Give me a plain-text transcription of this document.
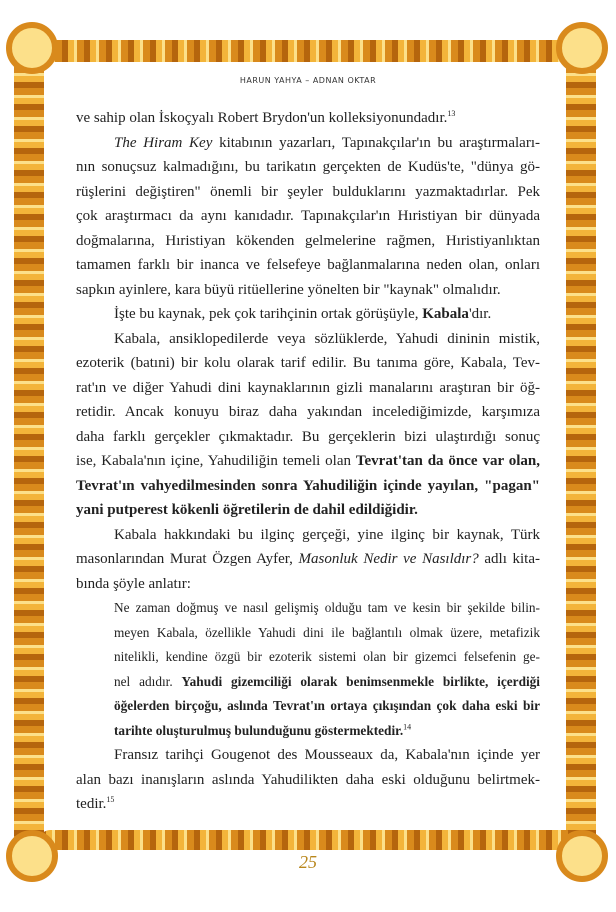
HARUN YAHYA – ADNAN OKTAR
ve sahip olan İskoçyalı Robert Brydon'un kolleksiyonundadır.$^{13}$
The Hiram Key kitabının yazarları, Tapınakçılar'ın bu araştırmaları-
nın sonuçsuz kalmadığını, bu tarikatın gerçekten de Kudüs'te, "dünya gö-
rüşlerini değiştiren" önemli bir şeyler bulduklarını yazmaktadırlar. Pek
çok araştırmacı da aynı kanıdadır. Tapınakçılar'ın Hıristiyan bir dünyada
doğmalarına, Hıristiyan kökenden gelmelerine rağmen, Hıristiyanlıktan
tamamen farklı bir inanca ve felsefeye bağlanmalarına neden olan, onları
sapkın ayinlere, kara büyü ritüellerine yönelten bir "kaynak" olmalıdır.
İşte bu kaynak, pek çok tarihçinin ortak görüşüyle, Kabala'dır.
Kabala, ansiklopedilerde veya sözlüklerde, Yahudi dininin mistik,
ezoterik (batıni) bir kolu olarak tarif edilir. Bu tanıma göre, Kabala, Tev-
rat'ın ve diğer Yahudi dini kaynaklarının gizli manalarını araştıran bir öğ-
retidir. Ancak konuyu biraz daha yakından incelediğimizde, karşımıza
daha farklı gerçekler çıkmaktadır. Bu gerçeklerin bizi ulaştırdığı sonuç
ise, Kabala'nın içine, Yahudiliğin temeli olan Tevrat'tan da önce var olan,
Tevrat'ın vahyedilmesinden sonra Yahudiliğin içinde yayılan, "pagan"
yani putperest kökenli öğretilerin de dahil edildiğidir.
Kabala hakkındaki bu ilginç gerçeği, yine ilginç bir kaynak, Türk
masonlarından Murat Özgen Ayfer, Masonluk Nedir ve Nasıldır? adlı kita-
bında şöyle anlatır:
Ne zaman doğmuş ve nasıl gelişmiş olduğu tam ve kesin bir şekilde bilin-
meyen Kabala, özellikle Yahudi dini ile bağlantılı olmak üzere, metafizik
nitelikli, kendine özgü bir ezoterik sistemi olan bir gizemci felsefenin ge-
nel adıdır. Yahudi gizemciliği olarak benimsenmekle birlikte, içerdiği
öğelerden birçoğu, aslında Tevrat'ın ortaya çıkışından çok daha eski bir
tarihte oluşturulmuş bulunduğunu göstermektedir.$^{14}$
Fransız tarihçi Gougenot des Mousseaux da, Kabala'nın içinde yer
alan bazı inanışların aslında Yahudilikten daha eski olduğunu belirtmek-
tedir.$^{15}$
25
